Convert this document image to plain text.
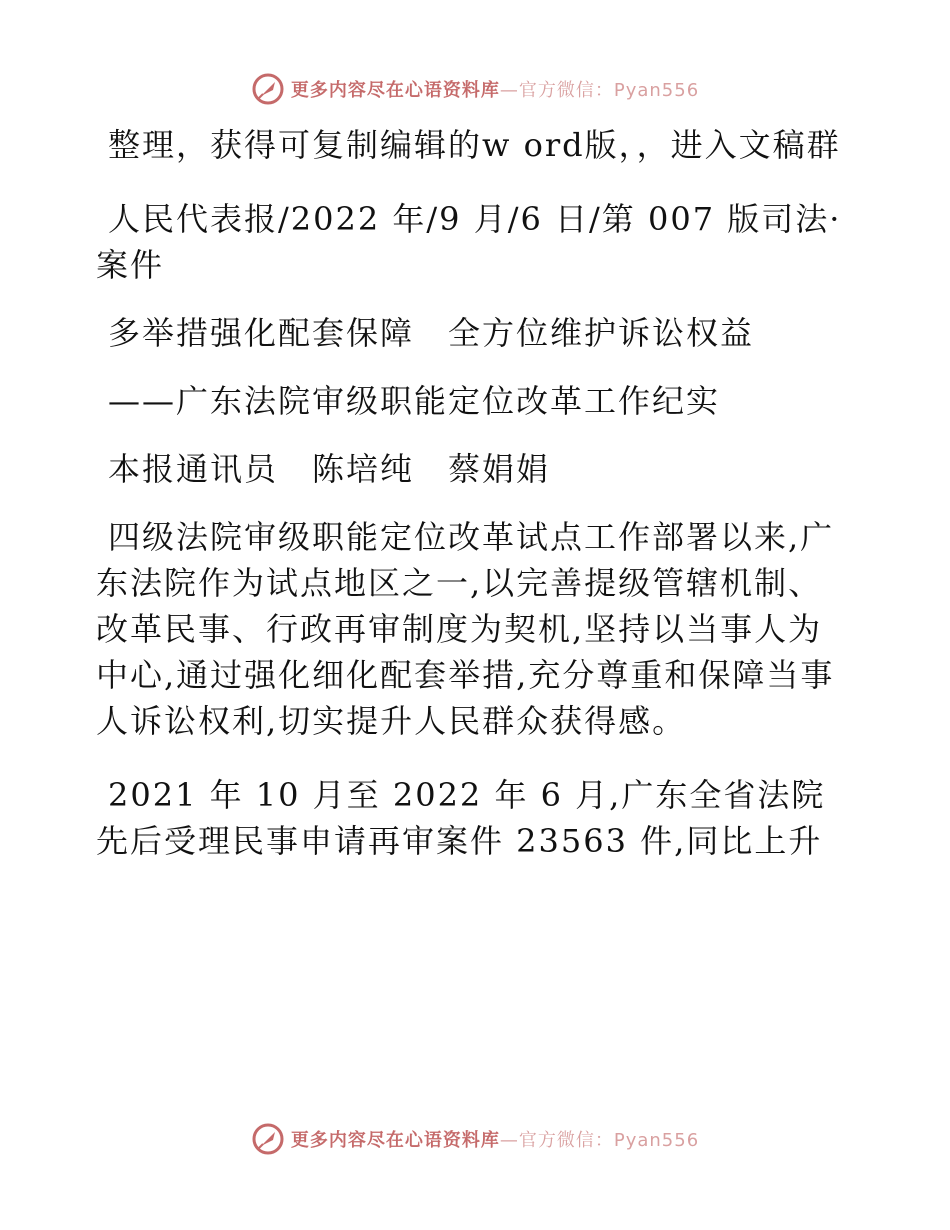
更多内容尽在心语资料库—官方微信：Pyan556

整理，获得可复制编辑的w ord版，，进入文稿群

人民代表报/2022 年/9 月/6 日/第 007 版司法· 案件

多举措强化配套保障　全方位维护诉讼权益

——广东法院审级职能定位改革工作纪实

本报通讯员　陈培纯　蔡娟娟

四级法院审级职能定位改革试点工作部署以来,广东法院作为试点地区之一,以完善提级管辖机制、改革民事、行政再审制度为契机,坚持以当事人为中心,通过强化细化配套举措,充分尊重和保障当事人诉讼权利,切实提升人民群众获得感。

2021 年 10 月至 2022 年 6 月,广东全省法院先后受理民事申请再审案件 23563 件,同比上升

更多内容尽在心语资料库—官方微信：Pyan556
